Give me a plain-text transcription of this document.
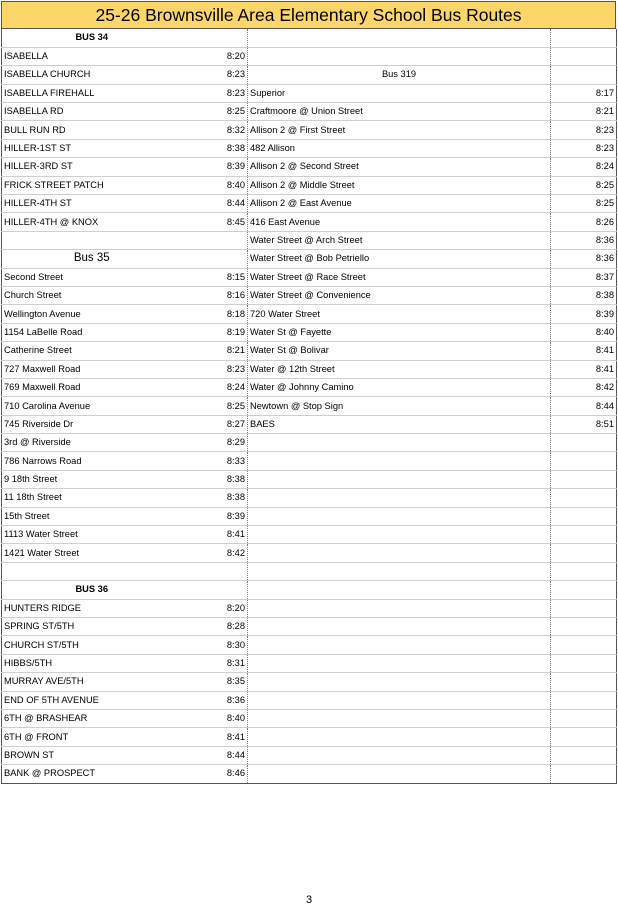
25-26 Brownsville Area Elementary School Bus Routes
BUS 34			
ISABELLA	8:20		
ISABELLA CHURCH	8:23	Bus 319	
ISABELLA FIREHALL	8:23	Superior	8:17
ISABELLA RD	8:25	Craftmoore @ Union Street	8:21
BULL RUN RD	8:32	Allison 2 @ First Street	8:23
HILLER-1ST ST	8:38	482 Allison	8:23
HILLER-3RD ST	8:39	Allison 2 @ Second Street	8:24
FRICK STREET PATCH	8:40	Allison 2 @ Middle Street	8:25
HILLER-4TH ST	8:44	Allison 2 @ East Avenue	8:25
HILLER-4TH @ KNOX	8:45	416 East Avenue	8:26
		Water Street @ Arch Street	8:36
Bus 35		Water Street @ Bob Petriello	8:36
Second Street	8:15	Water Street @ Race Street	8:37
Church Street	8:16	Water Street @ Convenience	8:38
Wellington Avenue	8:18	720 Water Street	8:39
1154 LaBelle Road	8:19	Water St @ Fayette	8:40
Catherine Street	8:21	Water St @ Bolivar	8:41
727 Maxwell Road	8:23	Water @ 12th Street	8:41
769 Maxwell Road	8:24	Water @ Johnny Camino	8:42
710 Carolina Avenue	8:25	Newtown @ Stop Sign	8:44
745 Riverside Dr	8:27	BAES	8:51
3rd @ Riverside	8:29		
786 Narrows Road	8:33		
9 18th Street	8:38		
11 18th Street	8:38		
15th Street	8:39		
1113 Water Street	8:41		
1421 Water Street	8:42		

BUS 36			
HUNTERS RIDGE	8:20		
SPRING ST/5TH	8:28		
CHURCH ST/5TH	8:30		
HIBBS/5TH	8:31		
MURRAY AVE/5TH	8:35		
END OF 5TH AVENUE	8:36		
6TH @ BRASHEAR	8:40		
6TH @ FRONT	8:41		
BROWN ST	8:44		
BANK @ PROSPECT	8:46		
3
